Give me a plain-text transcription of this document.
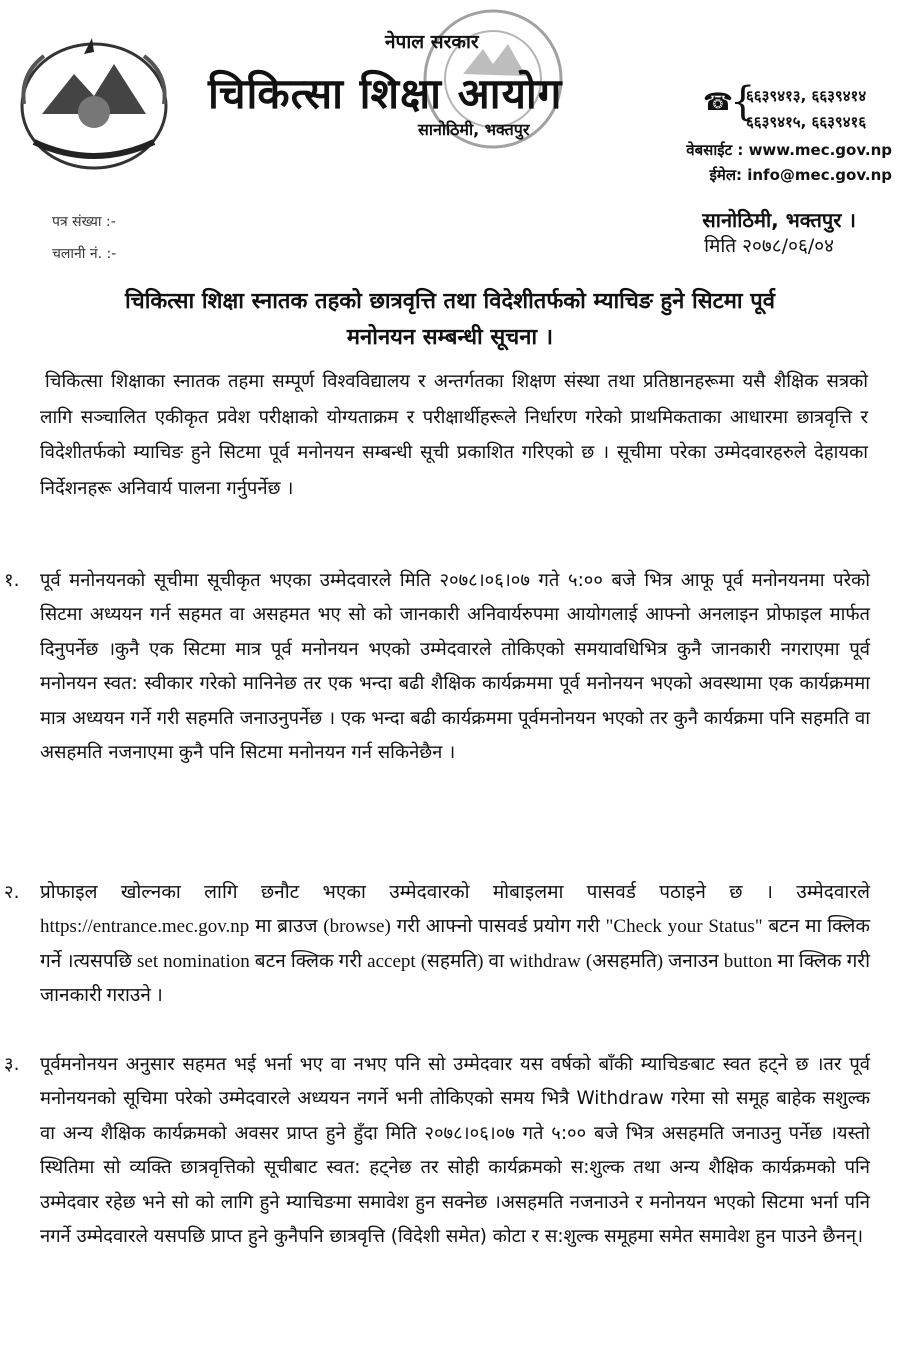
नेपाल सरकार
चिकित्सा शिक्षा आयोग
सानोठिमी, भक्तपुर
☎
{
६६३९४१३, ६६३९४१४
६६३९४१५, ६६३९४१६
वेबसाईट : www.mec.gov.np
ईमेल: info@mec.gov.np
पत्र संख्या :-
चलानी नं. :-
सानोठिमी, भक्तपुर ।
मिति २०७८/०६/०४
चिकित्सा शिक्षा स्नातक तहको छात्रवृत्ति तथा विदेशीतर्फको म्याचिङ हुने सिटमा पूर्व
मनोनयन सम्बन्धी सूचना ।
चिकित्सा शिक्षाका स्नातक तहमा सम्पूर्ण विश्वविद्यालय र अन्तर्गतका शिक्षण संस्था तथा प्रतिष्ठानहरूमा यसै शैक्षिक सत्रको लागि सञ्चालित एकीकृत प्रवेश परीक्षाको योग्यताक्रम र परीक्षार्थीहरूले निर्धारण गरेको प्राथमिकताका आधारमा छात्रवृत्ति र विदेशीतर्फको म्याचिङ हुने सिटमा पूर्व मनोनयन सम्बन्धी सूची प्रकाशित गरिएको छ । सूचीमा परेका उम्मेदवारहरुले देहायका निर्देशनहरू अनिवार्य पालना गर्नुपर्नेछ ।
१.	पूर्व मनोनयनको सूचीमा सूचीकृत भएका उम्मेदवारले मिति २०७८।०६।०७ गते ५:०० बजे भित्र आफू पूर्व मनोनयनमा परेको सिटमा अध्ययन गर्न सहमत वा असहमत भए सो को जानकारी अनिवार्यरुपमा आयोगलाई आफ्नो अनलाइन प्रोफाइल मार्फत दिनुपर्नेछ ।कुनै एक सिटमा मात्र पूर्व मनोनयन भएको उम्मेदवारले तोकिएको समयावधिभित्र कुनै जानकारी नगराएमा पूर्व मनोनयन स्वत: स्वीकार गरेको मानिनेछ तर एक भन्दा बढी शैक्षिक कार्यक्रममा पूर्व मनोनयन भएको अवस्थामा एक कार्यक्रममा मात्र अध्ययन गर्ने गरी सहमति जनाउनुपर्नेछ । एक भन्दा बढी कार्यक्रममा पूर्वमनोनयन भएको तर कुनै कार्यक्रमा पनि सहमति वा असहमति नजनाएमा कुनै पनि सिटमा मनोनयन गर्न सकिनेछैन ।
२.	प्रोफाइल खोल्नका लागि छनौट भएका उम्मेदवारको मोबाइलमा पासवर्ड पठाइने छ । उम्मेदवारले https://entrance.mec.gov.np मा ब्राउज (browse) गरी आफ्नो पासवर्ड प्रयोग गरी "Check your Status" बटन मा क्लिक गर्ने ।त्यसपछि set nomination बटन क्लिक गरी accept (सहमति) वा withdraw (असहमति) जनाउन button मा क्लिक गरी जानकारी गराउने ।
३.	पूर्वमनोनयन अनुसार सहमत भई भर्ना भए वा नभए पनि सो उम्मेदवार यस वर्षको बाँकी म्याचिङबाट स्वत हट्ने छ ।तर पूर्व मनोनयनको सूचिमा परेको उम्मेदवारले अध्ययन नगर्ने भनी तोकिएको समय भित्रै Withdraw गरेमा सो समूह बाहेक सशुल्क वा अन्य शैक्षिक कार्यक्रमको अवसर प्राप्त हुने हुँदा मिति २०७८।०६।०७ गते ५:०० बजे भित्र असहमति जनाउनु पर्नेछ ।यस्तो स्थितिमा सो व्यक्ति छात्रवृत्तिको सूचीबाट स्वत: हट्नेछ तर सोही कार्यक्रमको स:शुल्क तथा अन्य शैक्षिक कार्यक्रमको पनि उम्मेदवार रहेछ भने सो को लागि हुने म्याचिङमा समावेश हुन सक्नेछ ।असहमति नजनाउने र मनोनयन भएको सिटमा भर्ना पनि नगर्ने उम्मेदवारले यसपछि प्राप्त हुने कुनैपनि छात्रवृत्ति (विदेशी समेत) कोटा र स:शुल्क समूहमा समेत समावेश हुन पाउने छैनन्।
